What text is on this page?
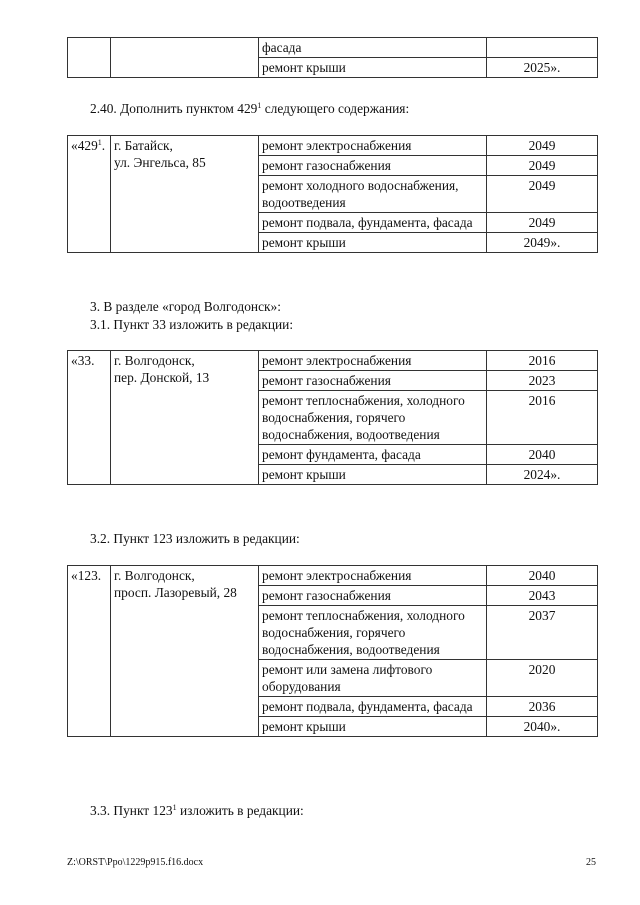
		фасада	
		ремонт крыши	2025».
2.40. Дополнить пунктом $429^1$ следующего содержания:
«$429^1$.	г. Батайск,
ул. Энгельса, 85	ремонт электроснабжения	2049
		ремонт газоснабжения	2049
		ремонт холодного водоснабжения, водоотведения	2049
		ремонт подвала, фундамента, фасада	2049
		ремонт крыши	2049».
3. В разделе «город Волгодонск»:
3.1. Пункт 33 изложить в редакции:
«33.	г. Волгодонск,
пер. Донской, 13	ремонт электроснабжения	2016
		ремонт газоснабжения	2023
		ремонт теплоснабжения, холодного водоснабжения, горячего водоснабжения, водоотведения	2016
		ремонт фундамента, фасада	2040
		ремонт крыши	2024».
3.2. Пункт 123 изложить в редакции:
«123.	г. Волгодонск,
просп. Лазоревый, 28	ремонт электроснабжения	2040
		ремонт газоснабжения	2043
		ремонт теплоснабжения, холодного водоснабжения, горячего водоснабжения, водоотведения	2037
		ремонт или замена лифтового оборудования	2020
		ремонт подвала, фундамента, фасада	2036
		ремонт крыши	2040».
3.3. Пункт $123^1$ изложить в редакции:
Z:\ORST\Ppo\1229p915.f16.docx	25
